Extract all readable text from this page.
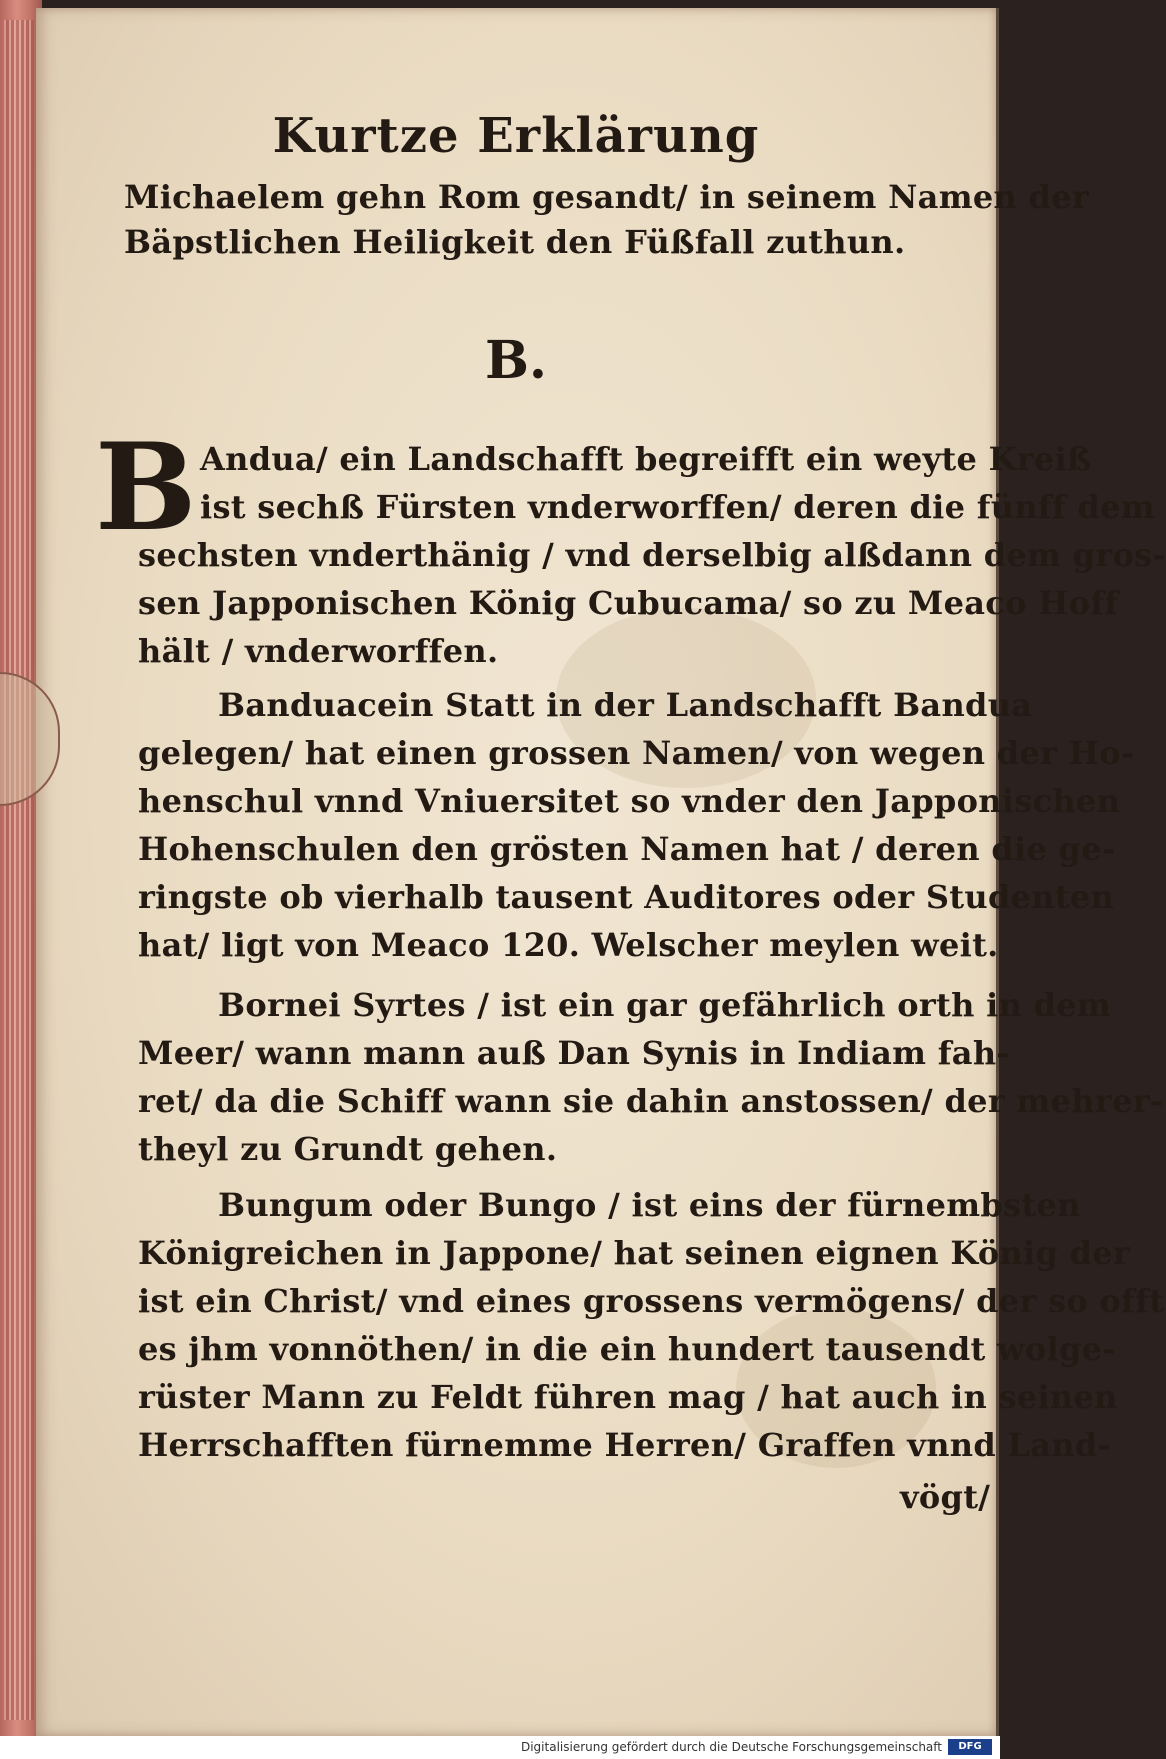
Kurtze Erklärung
Michaelem gehn Rom gesandt/ in seinem Namen der
Bäpstlichen Heiligkeit den Füßfall zuthun.
B.
B Andua/ ein Landschafft begreifft ein weyte Kreiß
ist sechß Fürsten vnderworffen/ deren die fünff dem
sechsten vnderthänig / vnd derselbig alßdann dem gros-
sen Japponischen König Cubucama/ so zu Meaco Hoff
hält / vnderworffen.
Banduacein Statt in der Landschafft Bandua
gelegen/ hat einen grossen Namen/ von wegen der Ho-
henschul vnnd Vniuersitet so vnder den Japponischen
Hohenschulen den grösten Namen hat / deren die ge-
ringste ob vierhalb tausent Auditores oder Studenten
hat/ ligt von Meaco 120. Welscher meylen weit.
Bornei Syrtes / ist ein gar gefährlich orth in dem
Meer/ wann mann auß Dan Synis in Indiam fah-
ret/ da die Schiff wann sie dahin anstossen/ der mehrer-
theyl zu Grundt gehen.
Bungum oder Bungo / ist eins der fürnembsten
Königreichen in Jappone/ hat seinen eignen König der
ist ein Christ/ vnd eines grossens vermögens/ der so offt
es jhm vonnöthen/ in die ein hundert tausendt wolge-
rüster Mann zu Feldt führen mag / hat auch in seinen
Herrschafften fürnemme Herren/ Graffen vnnd Land-
vögt/
Digitalisierung gefördert durch die Deutsche Forschungsgemeinschaft	DFG
